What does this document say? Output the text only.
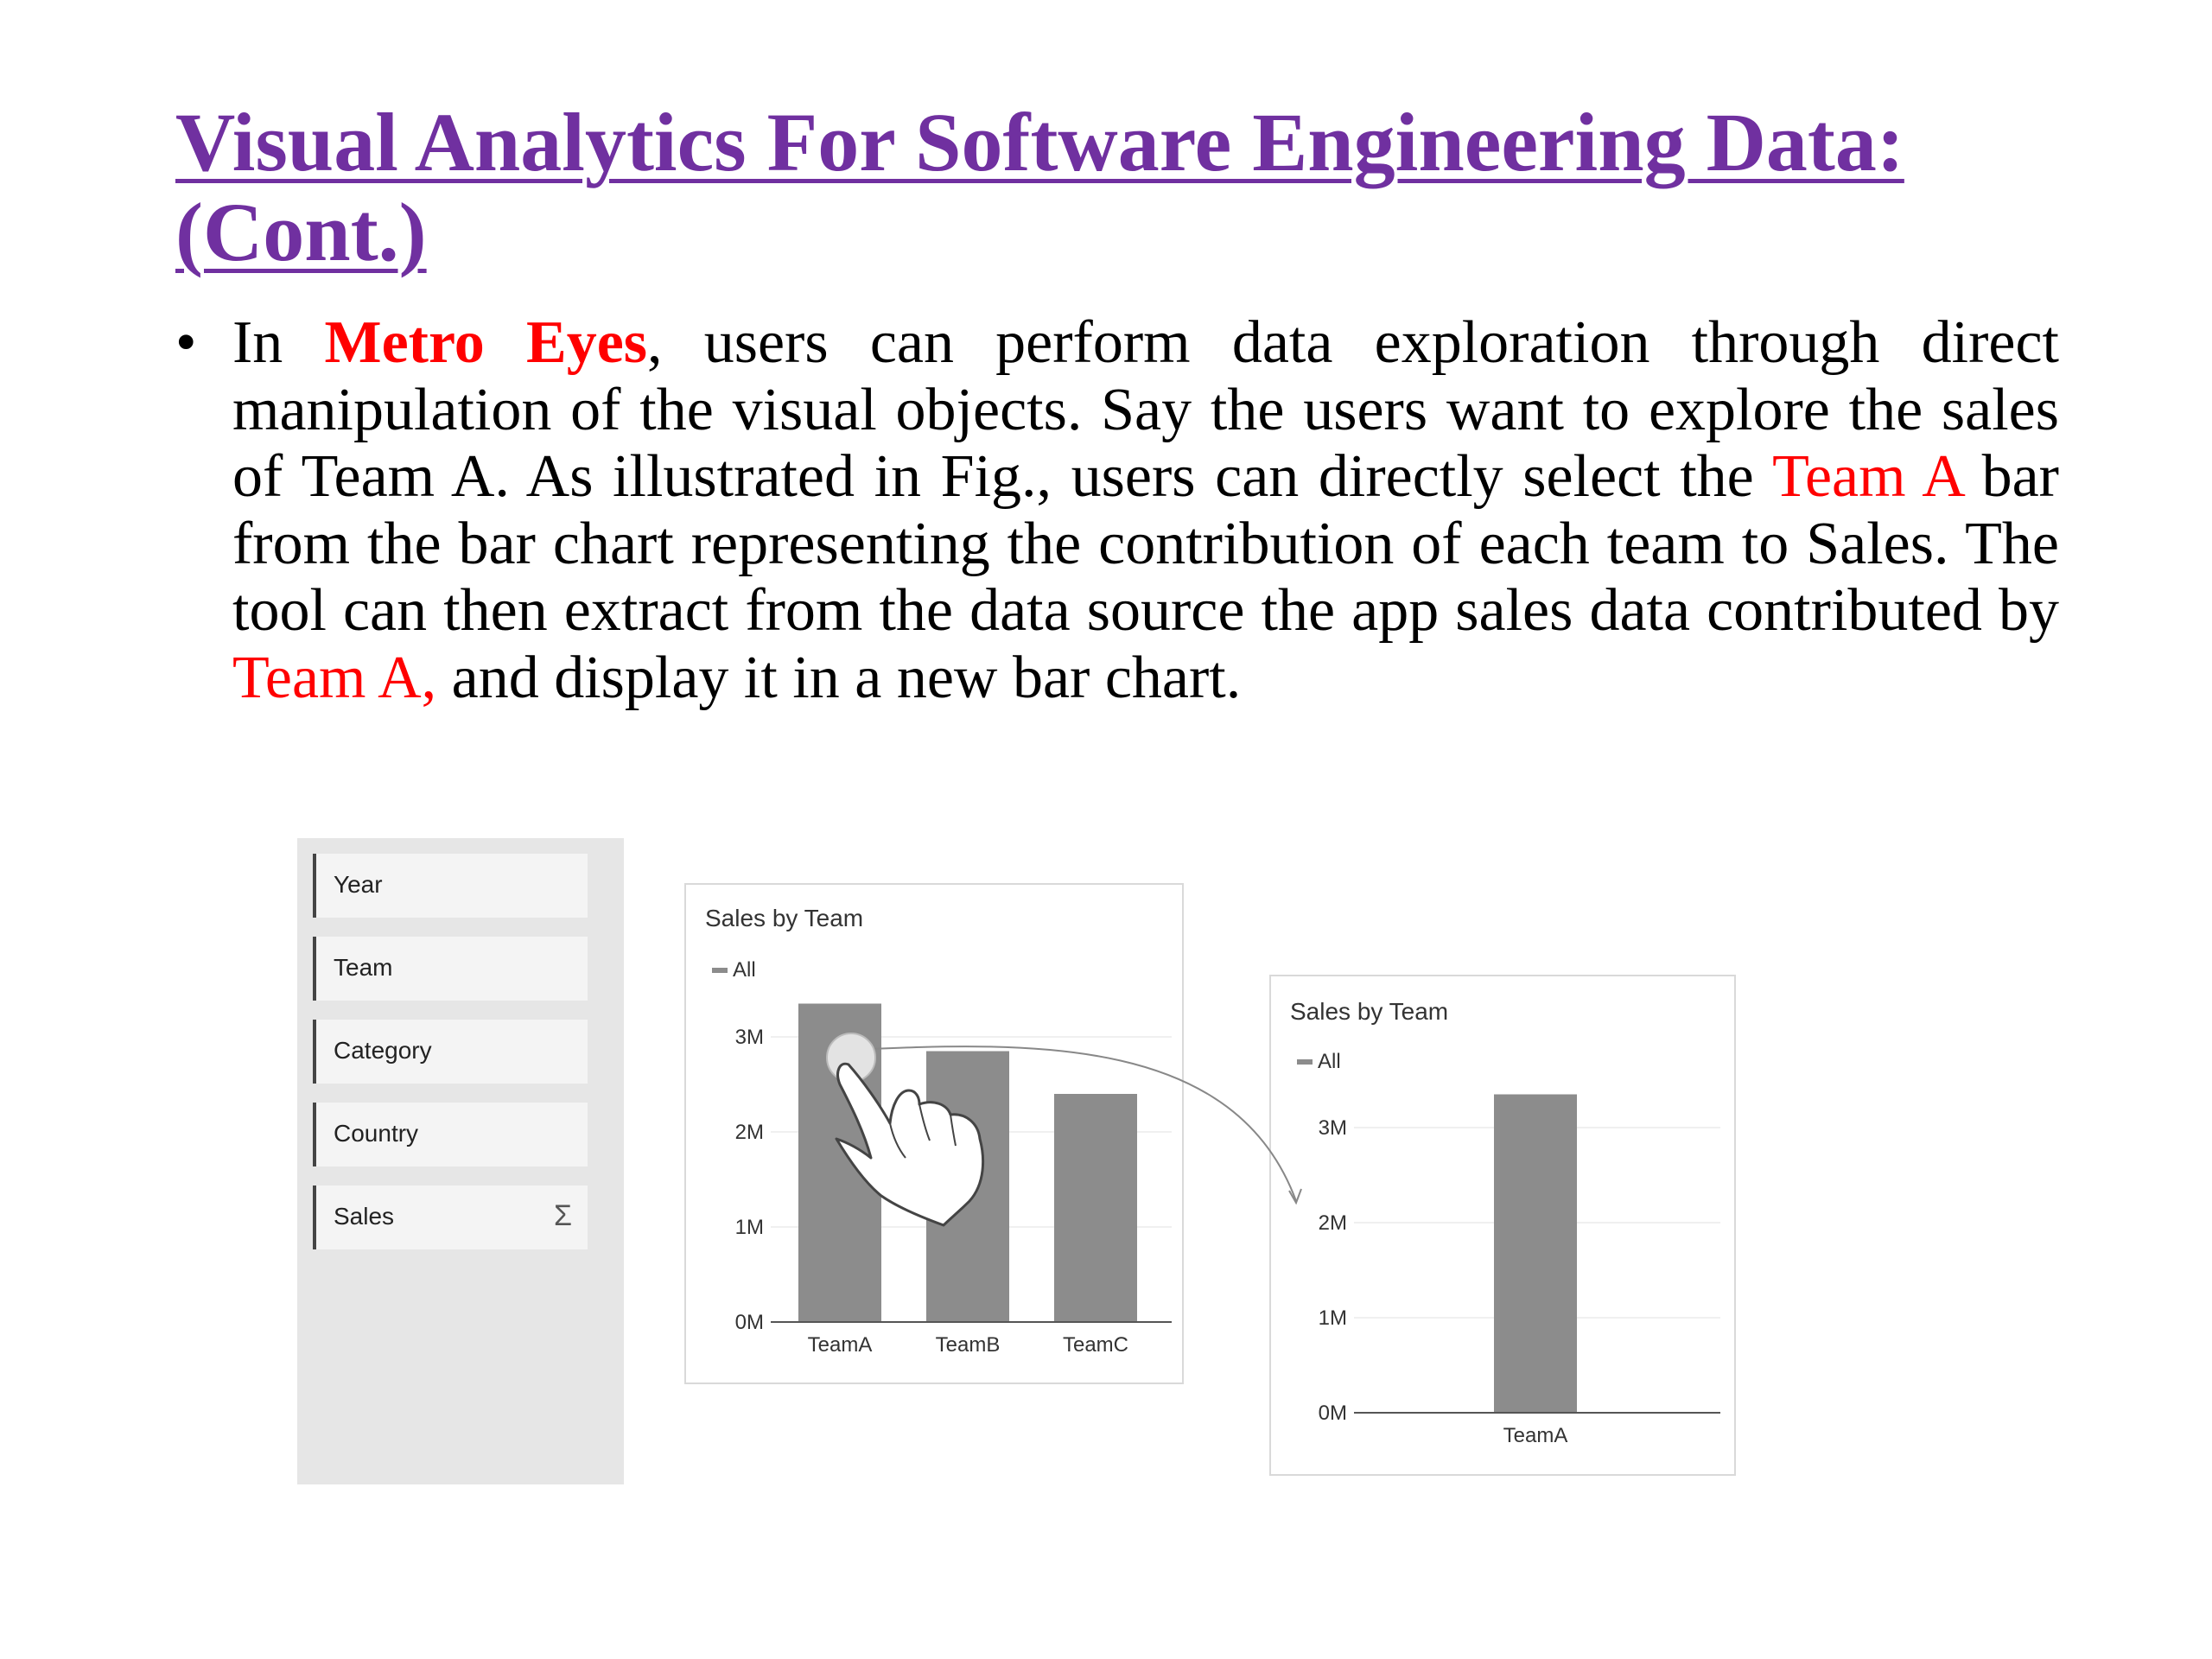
Visual Analytics For Software Engineering Data:
(Cont.)
• In Metro Eyes, users can perform data exploration through direct manipulation of the visual objects. Say the users want to explore the sales of Team A. As illustrated in Fig., users can directly select the Team A bar from the bar chart representing the contribution of each team to Sales. The tool can then extract from the data source the app sales data contributed by Team A, and display it in a new bar chart.

Year
Team
Category
Country
Sales	Σ
Sales by Team
All
0M
1M
2M
3M
TeamA	TeamB	TeamC
Sales by Team
All
0M
1M
2M
3M
TeamA
